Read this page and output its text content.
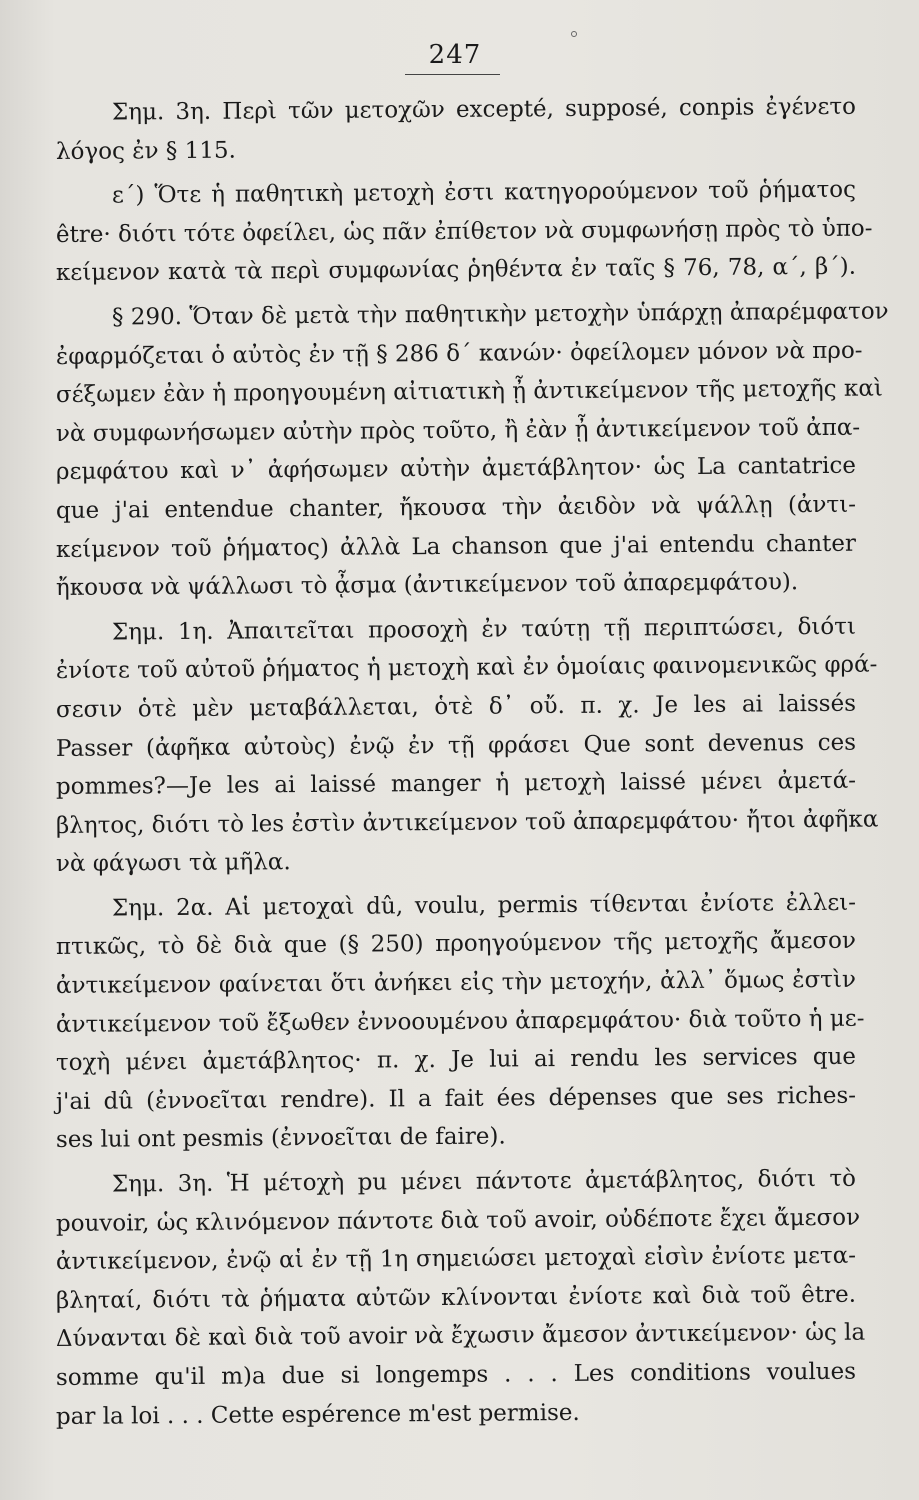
247
Σημ. 3η. Περὶ τῶν μετοχῶν excepté, supposé, conpis ἐγένετο
λόγος ἐν § 115.
ε΄) Ὅτε ἡ παθητικὴ μετοχὴ ἐστι κατηγορούμενον τοῦ ῥήματος
être· διότι τότε ὀφείλει, ὡς πᾶν ἐπίθετον νὰ συμφωνήσῃ πρὸς τὸ ὑπο-
κείμενον κατὰ τὰ περὶ συμφωνίας ῥηθέντα ἐν ταῖς § 76, 78, α΄, β΄).
§ 290. Ὅταν δὲ μετὰ τὴν παθητικὴν μετοχὴν ὑπάρχῃ ἀπαρέμφατον
ἐφαρμόζεται ὁ αὐτὸς ἐν τῇ § 286 δ΄ κανών· ὀφείλομεν μόνον νὰ προ-
σέξωμεν ἐὰν ἡ προηγουμένη αἰτιατικὴ ᾖ ἀντικείμενον τῆς μετοχῆς καὶ
νὰ συμφωνήσωμεν αὐτὴν πρὸς τοῦτο, ἢ ἐὰν ᾖ ἀντικείμενον τοῦ ἀπα-
ρεμφάτου καὶ ν᾽ ἀφήσωμεν αὐτὴν ἀμετάβλητον· ὡς La cantatrice
que j'ai entendue chanter, ἤκουσα τὴν ἀειδὸν νὰ ψάλλῃ (ἀντι-
κείμενον τοῦ ῥήματος) ἀλλὰ La chanson que j'ai entendu chanter
ἤκουσα νὰ ψάλλωσι τὸ ᾆσμα (ἀντικείμενον τοῦ ἀπαρεμφάτου).
Σημ. 1η. Ἀπαιτεῖται προσοχὴ ἐν ταύτῃ τῇ περιπτώσει, διότι
ἐνίοτε τοῦ αὐτοῦ ῥήματος ἡ μετοχὴ καὶ ἐν ὁμοίαις φαινομενικῶς φρά-
σεσιν ὁτὲ μὲν μεταβάλλεται, ὁτὲ δ᾽ οὔ. π. χ. Je les ai laissés
Passer (ἀφῆκα αὐτοὺς) ἐνῷ ἐν τῇ φράσει Que sont devenus ces
pommes?—Je les ai laissé manger ἡ μετοχὴ laissé μένει ἀμετά-
βλητος, διότι τὸ les ἐστὶν ἀντικείμενον τοῦ ἀπαρεμφάτου· ἤτοι ἀφῆκα
νὰ φάγωσι τὰ μῆλα.
Σημ. 2α. Αἱ μετοχαὶ dû, voulu, permis τίθενται ἐνίοτε ἐλλει-
πτικῶς, τὸ δὲ διὰ que (§ 250) προηγούμενον τῆς μετοχῆς ἄμεσον
ἀντικείμενον φαίνεται ὅτι ἀνήκει εἰς τὴν μετοχήν, ἀλλ᾽ ὅμως ἐστὶν
ἀντικείμενον τοῦ ἔξωθεν ἐννοουμένου ἀπαρεμφάτου· διὰ τοῦτο ἡ με-
τοχὴ μένει ἀμετάβλητος· π. χ. Je lui ai rendu les services que
j'ai dû (ἐννοεῖται rendre). Il a fait ées dépenses que ses riches-
ses lui ont pesmis (ἐννοεῖται de faire).
Σημ. 3η. Ἡ μέτοχὴ pu μένει πάντοτε ἀμετάβλητος, διότι τὸ
pouvoir, ὡς κλινόμενον πάντοτε διὰ τοῦ avoir, οὐδέποτε ἔχει ἄμεσον
ἀντικείμενον, ἐνῷ αἱ ἐν τῇ 1η σημειώσει μετοχαὶ εἰσὶν ἐνίοτε μετα-
βληταί, διότι τὰ ῥήματα αὐτῶν κλίνονται ἐνίοτε καὶ διὰ τοῦ être.
Δύνανται δὲ καὶ διὰ τοῦ avoir νὰ ἔχωσιν ἄμεσον ἀντικείμενον· ὡς la
somme qu'il m)a due si longemps . . . Les conditions voulues
par la loi . . . Cette espérence m'est permise.
